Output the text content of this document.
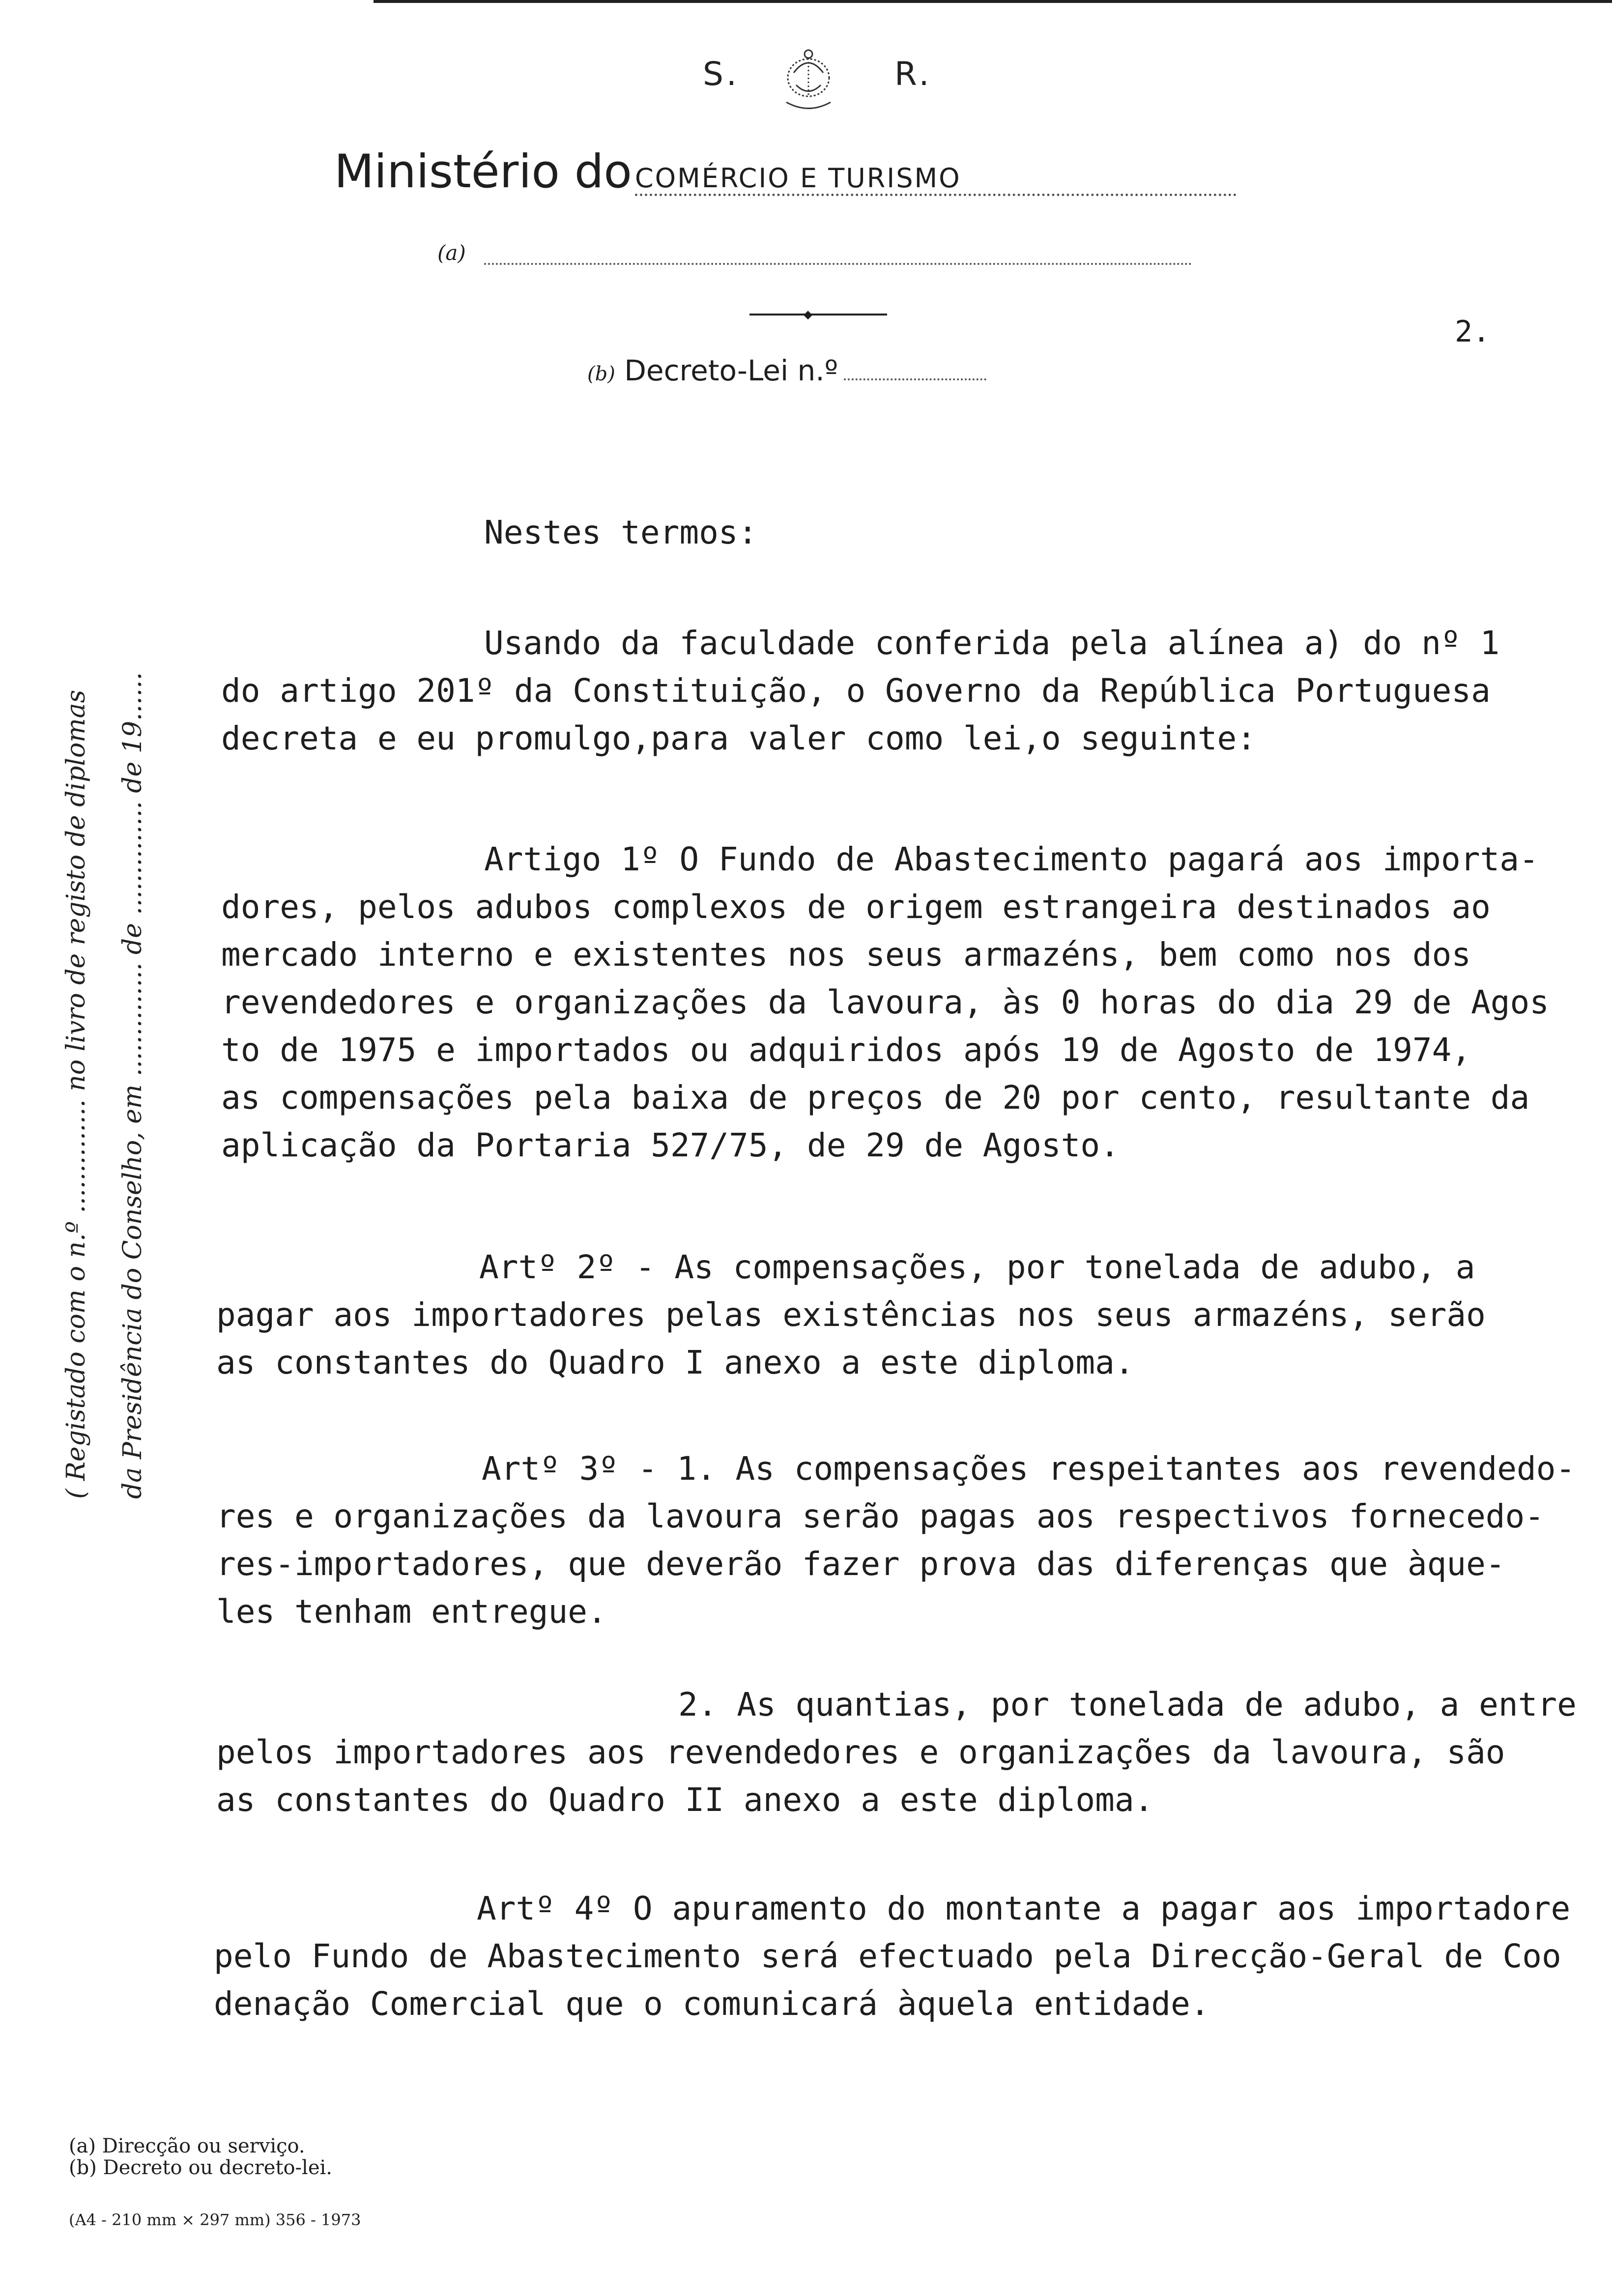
S.	R.
Ministério do COMÉRCIO E TURISMO
(a)
◆
2.
(b) Decreto-Lei n.º
( Registado com o n.º .............. no livro de registo de diplomas	da Presidência do Conselho, em .............. de .............. de 19......
Nestes termos:
Usando da faculdade conferida pela alínea a) do nº 1
do artigo 201º da Constituição, o Governo da República Portuguesa
decreta e eu promulgo,para valer como lei,o seguinte:
Artigo 1º O Fundo de Abastecimento pagará aos importa-
dores, pelos adubos complexos de origem estrangeira destinados ao
mercado interno e existentes nos seus armazéns, bem como nos dos
revendedores e organizações da lavoura, às 0 horas do dia 29 de Agos
to de 1975 e importados ou adquiridos após 19 de Agosto de 1974,
as compensações pela baixa de preços de 20 por cento, resultante da
aplicação da Portaria 527/75, de 29 de Agosto.
Artº 2º - As compensações, por tonelada de adubo, a
pagar aos importadores pelas existências nos seus armazéns, serão
as constantes do Quadro I anexo a este diploma.
Artº 3º - 1. As compensações respeitantes aos revendedo-
res e organizações da lavoura serão pagas aos respectivos fornecedo-
res-importadores, que deverão fazer prova das diferenças que àque-
les tenham entregue.
2. As quantias, por tonelada de adubo, a entre
pelos importadores aos revendedores e organizações da lavoura, são
as constantes do Quadro II anexo a este diploma.
Artº 4º O apuramento do montante a pagar aos importadore
pelo Fundo de Abastecimento será efectuado pela Direcção-Geral de Coo
denação Comercial que o comunicará àquela entidade.
(a) Direcção ou serviço.
(b) Decreto ou decreto-lei.
(A4 - 210 mm × 297 mm) 356 - 1973
